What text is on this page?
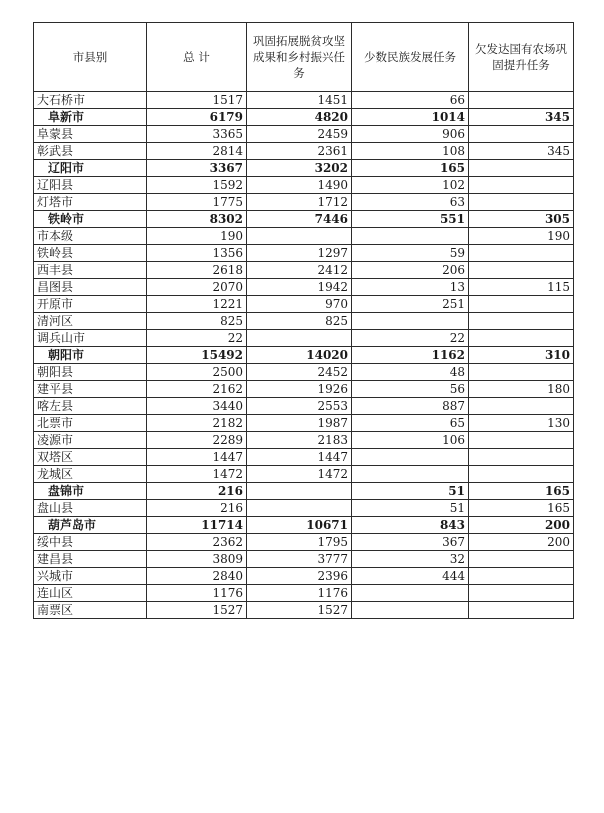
市县别	总 计	巩固拓展脱贫攻坚成果和乡村振兴任务	少数民族发展任务	欠发达国有农场巩固提升任务
大石桥市	1517	1451	66	
阜新市	6179	4820	1014	345
阜蒙县	3365	2459	906	
彰武县	2814	2361	108	345
辽阳市	3367	3202	165	
辽阳县	1592	1490	102	
灯塔市	1775	1712	63	
铁岭市	8302	7446	551	305
市本级	190			190
铁岭县	1356	1297	59	
西丰县	2618	2412	206	
昌图县	2070	1942	13	115
开原市	1221	970	251	
清河区	825	825		
调兵山市	22		22	
朝阳市	15492	14020	1162	310
朝阳县	2500	2452	48	
建平县	2162	1926	56	180
喀左县	3440	2553	887	
北票市	2182	1987	65	130
凌源市	2289	2183	106	
双塔区	1447	1447		
龙城区	1472	1472		
盘锦市	216		51	165
盘山县	216		51	165
葫芦岛市	11714	10671	843	200
绥中县	2362	1795	367	200
建昌县	3809	3777	32	
兴城市	2840	2396	444	
连山区	1176	1176		
南票区	1527	1527		
